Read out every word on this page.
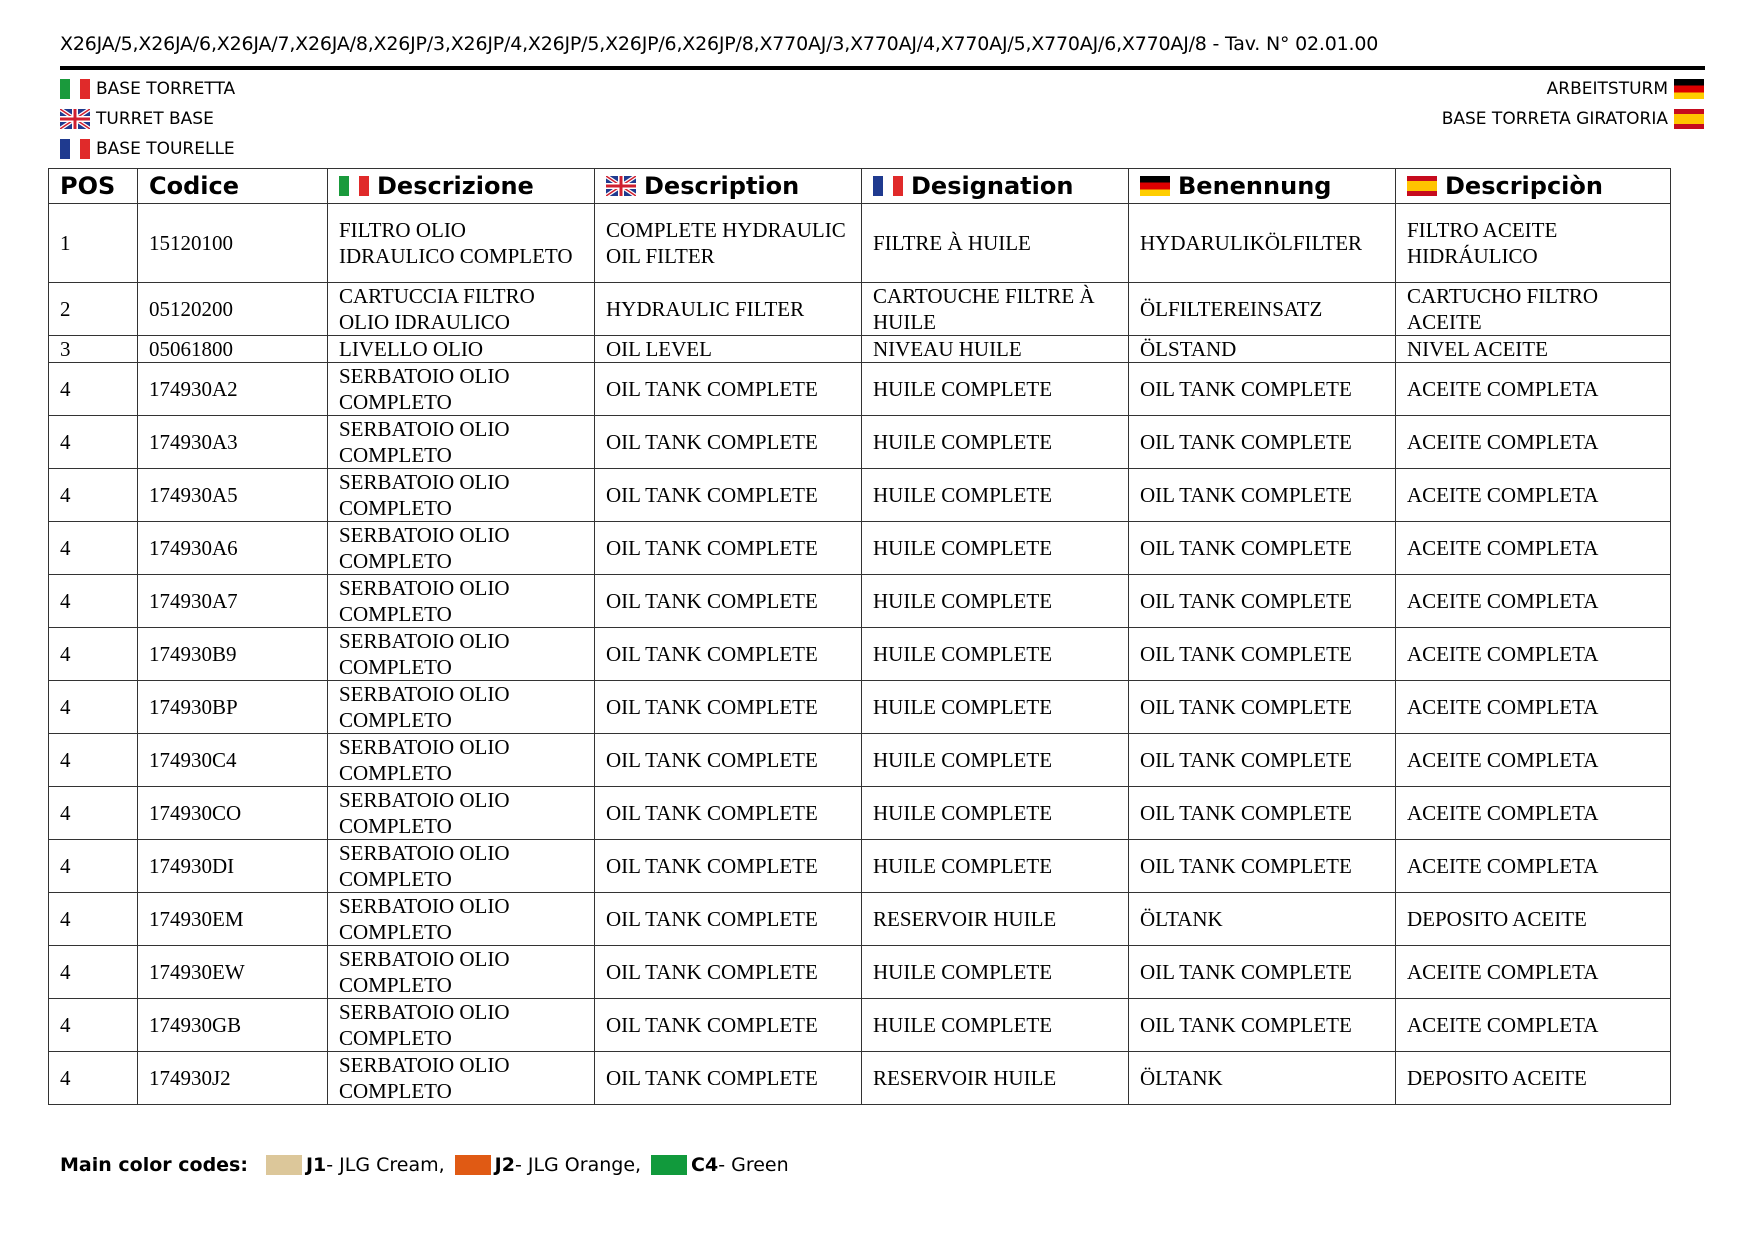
X26JA/5,X26JA/6,X26JA/7,X26JA/8,X26JP/3,X26JP/4,X26JP/5,X26JP/6,X26JP/8,X770AJ/3,X770AJ/4,X770AJ/5,X770AJ/6,X770AJ/8 - Tav. N° 02.01.00
BASE TORRETTA
TURRET BASE
BASE TOURELLE
ARBEITSTURM
BASE TORRETA GIRATORIA
POS	Codice	Descrizione	Description	Designation	Benennung	Descripciòn
1	15120100	FILTRO OLIO IDRAULICO COMPLETO	COMPLETE HYDRAULIC OIL FILTER	FILTRE À HUILE	HYDARULIKÖLFILTER	FILTRO ACEITE HIDRÁULICO
2	05120200	CARTUCCIA FILTRO OLIO IDRAULICO	HYDRAULIC FILTER	CARTOUCHE FILTRE À HUILE	ÖLFILTEREINSATZ	CARTUCHO FILTRO ACEITE
3	05061800	LIVELLO OLIO	OIL LEVEL	NIVEAU HUILE	ÖLSTAND	NIVEL ACEITE
4	174930A2	SERBATOIO OLIO COMPLETO	OIL TANK COMPLETE	HUILE COMPLETE	OIL TANK COMPLETE	ACEITE COMPLETA
4	174930A3	SERBATOIO OLIO COMPLETO	OIL TANK COMPLETE	HUILE COMPLETE	OIL TANK COMPLETE	ACEITE COMPLETA
4	174930A5	SERBATOIO OLIO COMPLETO	OIL TANK COMPLETE	HUILE COMPLETE	OIL TANK COMPLETE	ACEITE COMPLETA
4	174930A6	SERBATOIO OLIO COMPLETO	OIL TANK COMPLETE	HUILE COMPLETE	OIL TANK COMPLETE	ACEITE COMPLETA
4	174930A7	SERBATOIO OLIO COMPLETO	OIL TANK COMPLETE	HUILE COMPLETE	OIL TANK COMPLETE	ACEITE COMPLETA
4	174930B9	SERBATOIO OLIO COMPLETO	OIL TANK COMPLETE	HUILE COMPLETE	OIL TANK COMPLETE	ACEITE COMPLETA
4	174930BP	SERBATOIO OLIO COMPLETO	OIL TANK COMPLETE	HUILE COMPLETE	OIL TANK COMPLETE	ACEITE COMPLETA
4	174930C4	SERBATOIO OLIO COMPLETO	OIL TANK COMPLETE	HUILE COMPLETE	OIL TANK COMPLETE	ACEITE COMPLETA
4	174930CO	SERBATOIO OLIO COMPLETO	OIL TANK COMPLETE	HUILE COMPLETE	OIL TANK COMPLETE	ACEITE COMPLETA
4	174930DI	SERBATOIO OLIO COMPLETO	OIL TANK COMPLETE	HUILE COMPLETE	OIL TANK COMPLETE	ACEITE COMPLETA
4	174930EM	SERBATOIO OLIO COMPLETO	OIL TANK COMPLETE	RESERVOIR HUILE	ÖLTANK	DEPOSITO ACEITE
4	174930EW	SERBATOIO OLIO COMPLETO	OIL TANK COMPLETE	HUILE COMPLETE	OIL TANK COMPLETE	ACEITE COMPLETA
4	174930GB	SERBATOIO OLIO COMPLETO	OIL TANK COMPLETE	HUILE COMPLETE	OIL TANK COMPLETE	ACEITE COMPLETA
4	174930J2	SERBATOIO OLIO COMPLETO	OIL TANK COMPLETE	RESERVOIR HUILE	ÖLTANK	DEPOSITO ACEITE
Main color codes:	J1 - JLG Cream,	J2 - JLG Orange,	C4 - Green
